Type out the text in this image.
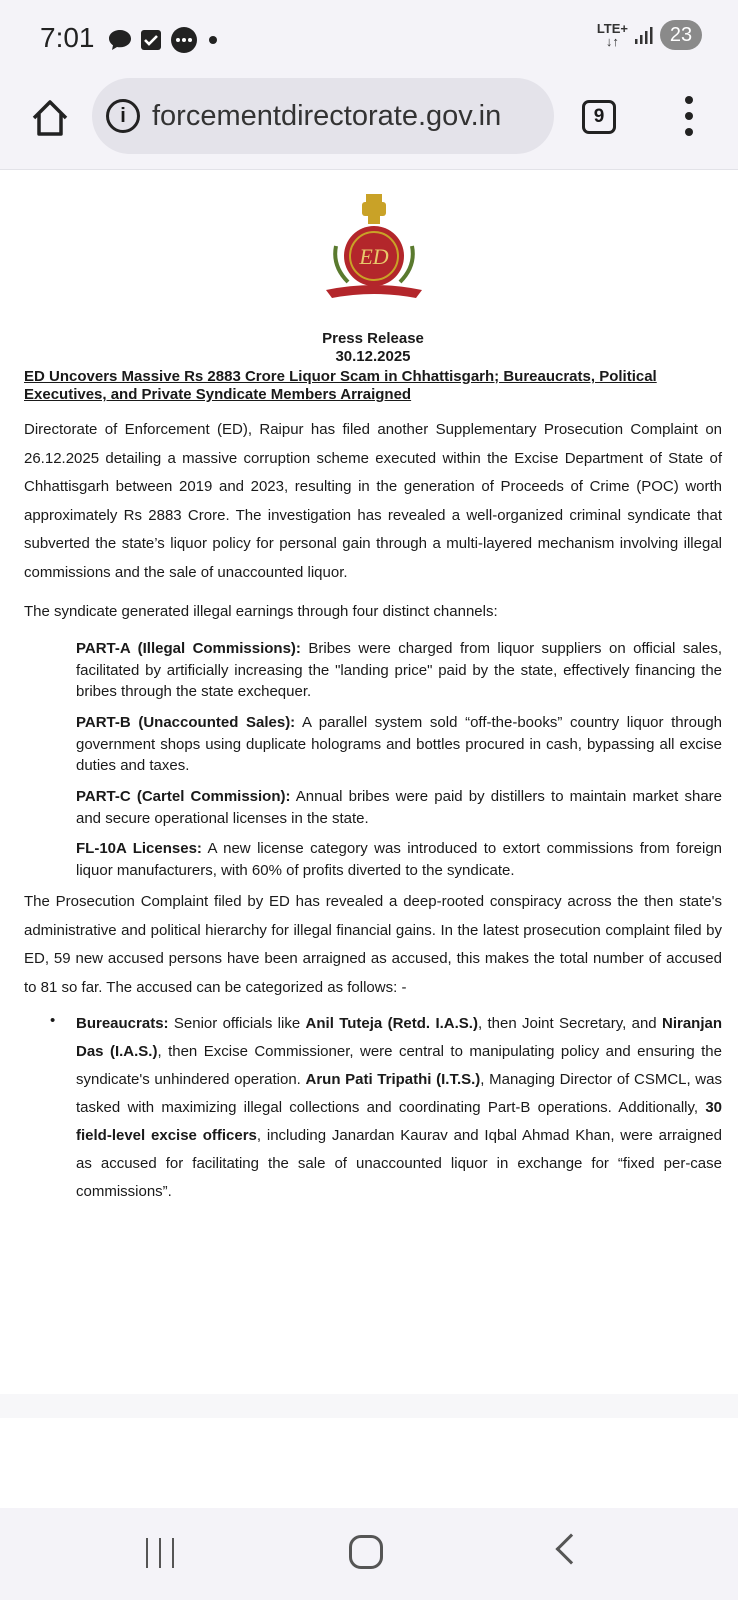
7:01	LTE+
↓↑	23
i forcementdirectorate.gov.in	9
ED
Press Release
30.12.2025
ED Uncovers Massive Rs 2883 Crore Liquor Scam in Chhattisgarh; Bureaucrats, Political Executives, and Private Syndicate Members Arraigned
Directorate of Enforcement (ED), Raipur has filed another Supplementary Prosecution Complaint on 26.12.2025 detailing a massive corruption scheme executed within the Excise Department of State of Chhattisgarh between 2019 and 2023, resulting in the generation of Proceeds of Crime (POC) worth approximately Rs 2883 Crore. The investigation has revealed a well-organized criminal syndicate that subverted the state’s liquor policy for personal gain through a multi-layered mechanism involving illegal commissions and the sale of unaccounted liquor.
The syndicate generated illegal earnings through four distinct channels:
PART-A (Illegal Commissions): Bribes were charged from liquor suppliers on official sales, facilitated by artificially increasing the "landing price" paid by the state, effectively financing the bribes through the state exchequer.
PART-B (Unaccounted Sales): A parallel system sold “off-the-books” country liquor through government shops using duplicate holograms and bottles procured in cash, bypassing all excise duties and taxes.
PART-C (Cartel Commission): Annual bribes were paid by distillers to maintain market share and secure operational licenses in the state.
FL-10A Licenses: A new license category was introduced to extort commissions from foreign liquor manufacturers, with 60% of profits diverted to the syndicate.
The Prosecution Complaint filed by ED has revealed a deep-rooted conspiracy across the then state's administrative and political hierarchy for illegal financial gains. In the latest prosecution complaint filed by ED, 59 new accused persons have been arraigned as accused, this makes the total number of accused to 81 so far. The accused can be categorized as follows: -
• Bureaucrats: Senior officials like Anil Tuteja (Retd. I.A.S.), then Joint Secretary, and Niranjan Das (I.A.S.), then Excise Commissioner, were central to manipulating policy and ensuring the syndicate's unhindered operation. Arun Pati Tripathi (I.T.S.), Managing Director of CSMCL, was tasked with maximizing illegal collections and coordinating Part-B operations. Additionally, 30 field-level excise officers, including Janardan Kaurav and Iqbal Ahmad Khan, were arraigned as accused for facilitating the sale of unaccounted liquor in exchange for “fixed per-case commissions”.
